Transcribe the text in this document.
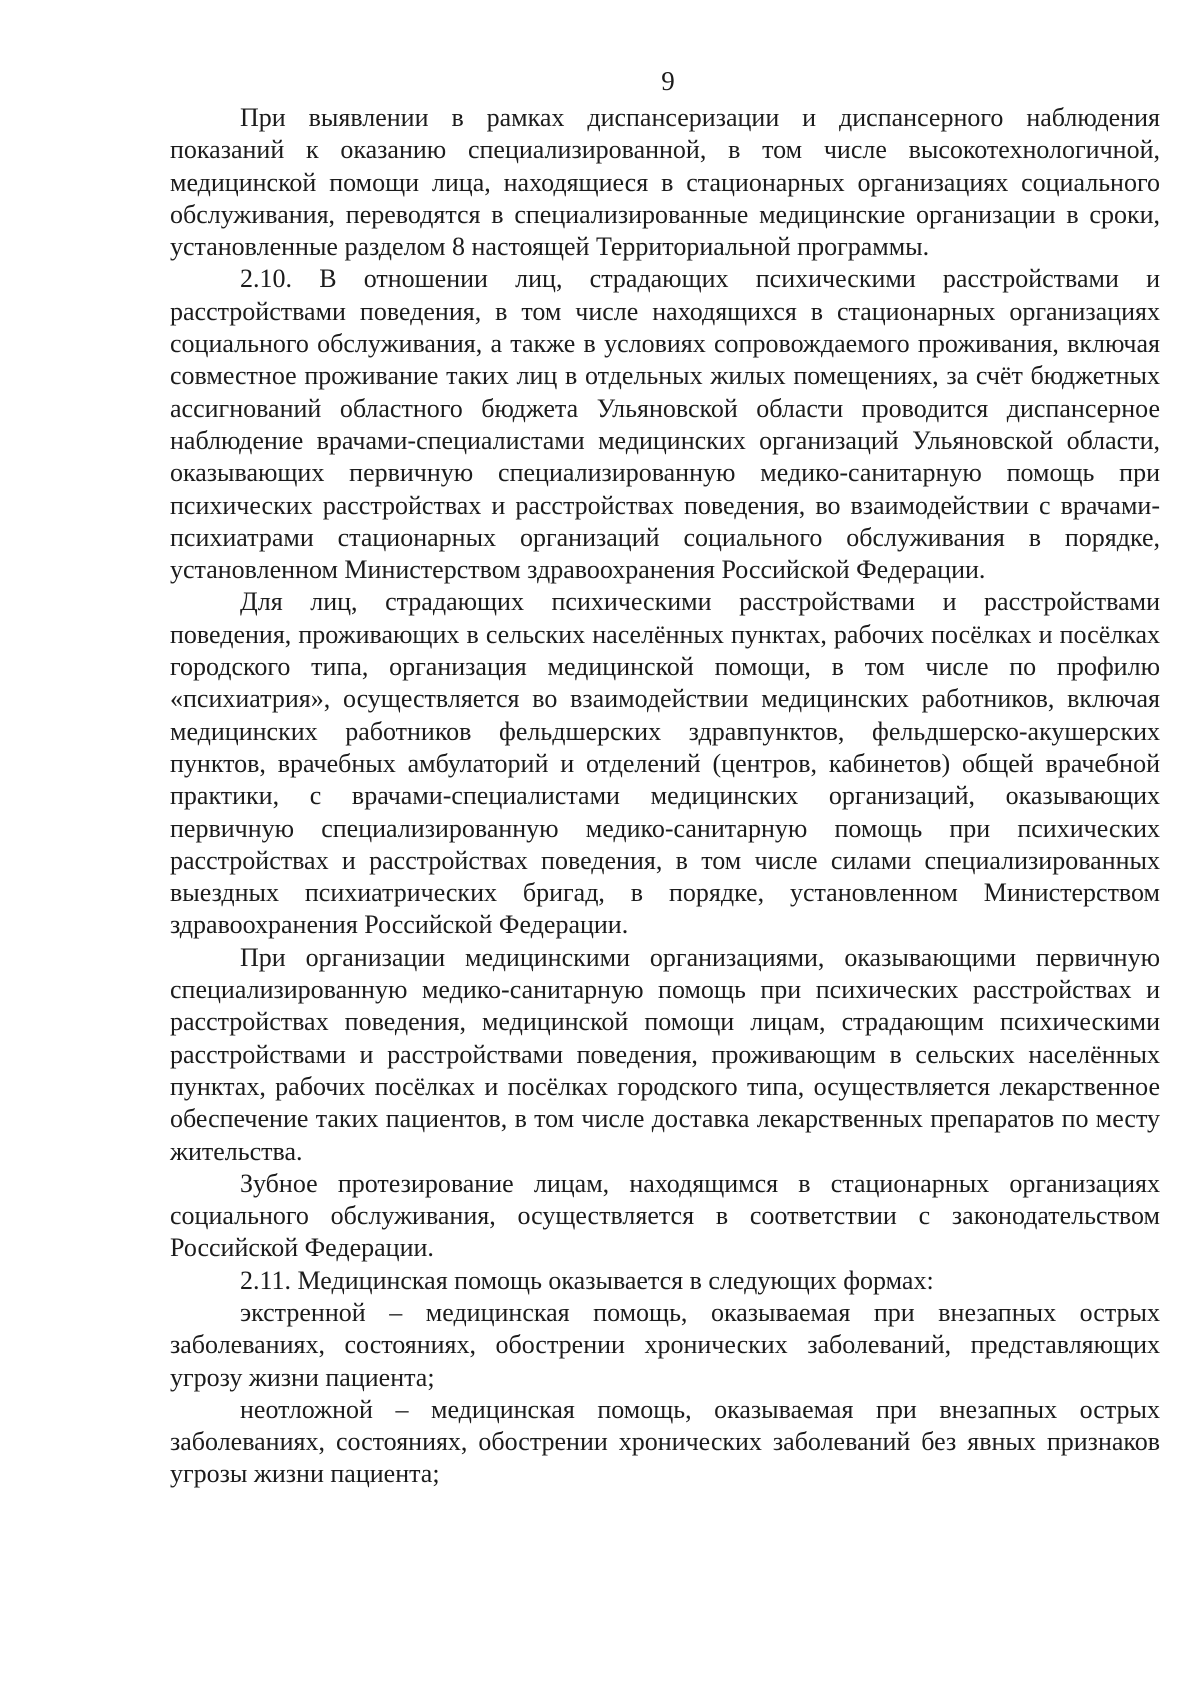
9

При выявлении в рамках диспансеризации и диспансерного наблюдения показаний к оказанию специализированной, в том числе высокотехнологичной, медицинской помощи лица, находящиеся в стационарных организациях социального обслуживания, переводятся в специализированные медицинские организации в сроки, установленные разделом 8 настоящей Территориальной программы.

2.10. В отношении лиц, страдающих психическими расстройствами и расстройствами поведения, в том числе находящихся в стационарных организациях социального обслуживания, а также в условиях сопровождаемого проживания, включая совместное проживание таких лиц в отдельных жилых помещениях, за счёт бюджетных ассигнований областного бюджета Ульяновской области проводится диспансерное наблюдение врачами-специалистами медицинских организаций Ульяновской области, оказывающих первичную специализированную медико-санитарную помощь при психических расстройствах и расстройствах поведения, во взаимодействии с врачами-психиатрами стационарных организаций социального обслуживания в порядке, установленном Министерством здравоохранения Российской Федерации.

Для лиц, страдающих психическими расстройствами и расстройствами поведения, проживающих в сельских населённых пунктах, рабочих посёлках и посёлках городского типа, организация медицинской помощи, в том числе по профилю «психиатрия», осуществляется во взаимодействии медицинских работников, включая медицинских работников фельдшерских здравпунктов, фельдшерско-акушерских пунктов, врачебных амбулаторий и отделений (центров, кабинетов) общей врачебной практики, с врачами-специалистами медицинских организаций, оказывающих первичную специализированную медико-санитарную помощь при психических расстройствах и расстройствах поведения, в том числе силами специализированных выездных психиатрических бригад, в порядке, установленном Министерством здравоохранения Российской Федерации.

При организации медицинскими организациями, оказывающими первичную специализированную медико-санитарную помощь при психических расстройствах и расстройствах поведения, медицинской помощи лицам, страдающим психическими расстройствами и расстройствами поведения, проживающим в сельских населённых пунктах, рабочих посёлках и посёлках городского типа, осуществляется лекарственное обеспечение таких пациентов, в том числе доставка лекарственных препаратов по месту жительства.

Зубное протезирование лицам, находящимся в стационарных организациях социального обслуживания, осуществляется в соответствии с законодательством Российской Федерации.

2.11. Медицинская помощь оказывается в следующих формах:

экстренной – медицинская помощь, оказываемая при внезапных острых заболеваниях, состояниях, обострении хронических заболеваний, представляющих угрозу жизни пациента;

неотложной – медицинская помощь, оказываемая при внезапных острых заболеваниях, состояниях, обострении хронических заболеваний без явных признаков угрозы жизни пациента;
